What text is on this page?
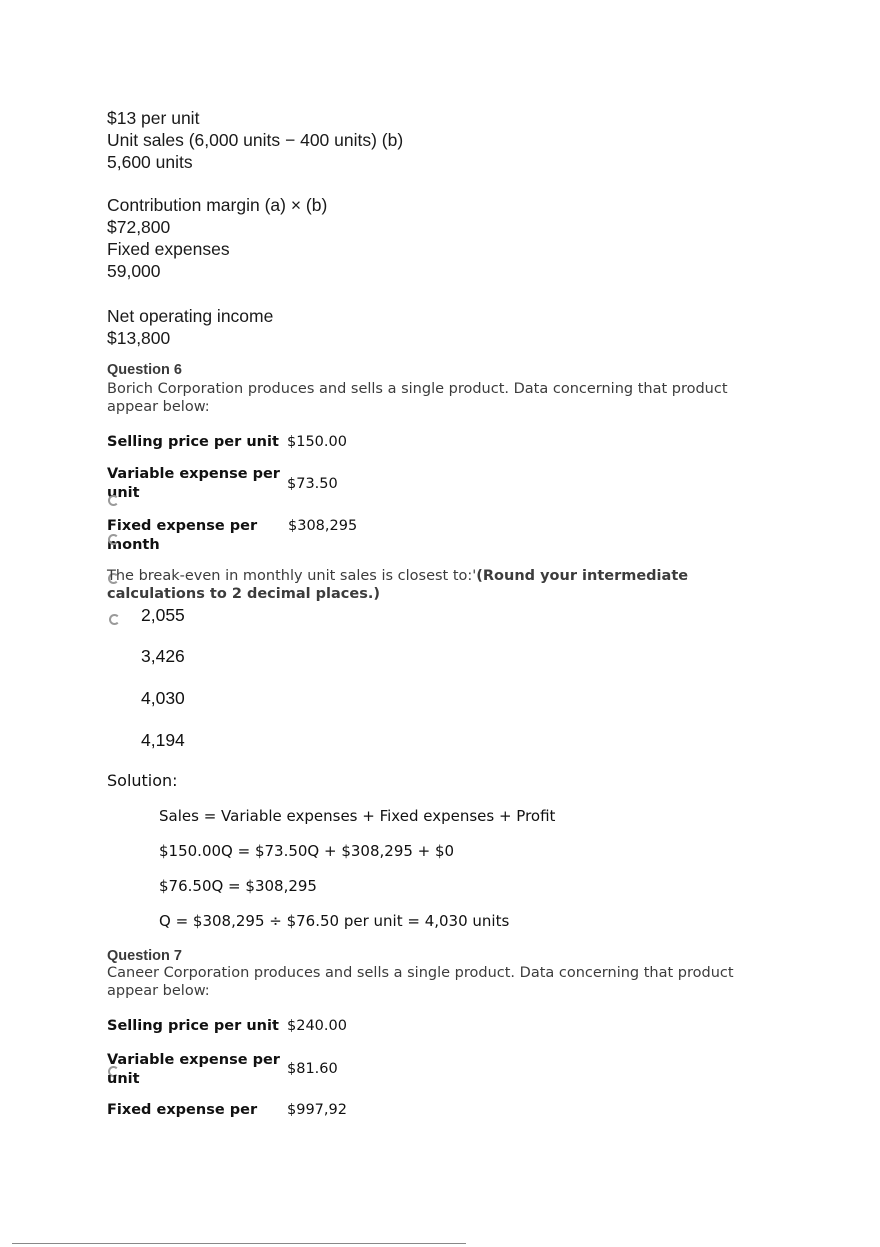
$13 per unit
Unit sales (6,000 units − 400 units) (b)
5,600 units
Contribution margin (a) × (b)
$72,800
Fixed expenses
59,000
Net operating income
$13,800
Question 6
Borich Corporation produces and sells a single product. Data concerning that product appear below:
Selling price per unit $150.00
Variable expense per unit
$73.50
Fixed expense per month
$308,295
The break-even in monthly unit sales is closest to:'(Round your intermediate calculations to 2 decimal places.)
2,055
3,426
4,030
4,194
Solution:
Sales = Variable expenses + Fixed expenses + Profit
$150.00Q = $73.50Q + $308,295 + $0
$76.50Q = $308,295
Q = $308,295 ÷ $76.50 per unit = 4,030 units
Question 7
Caneer Corporation produces and sells a single product. Data concerning that product appear below:
Selling price per unit $240.00
Variable expense per unit
$81.60
Fixed expense per	$997,92
